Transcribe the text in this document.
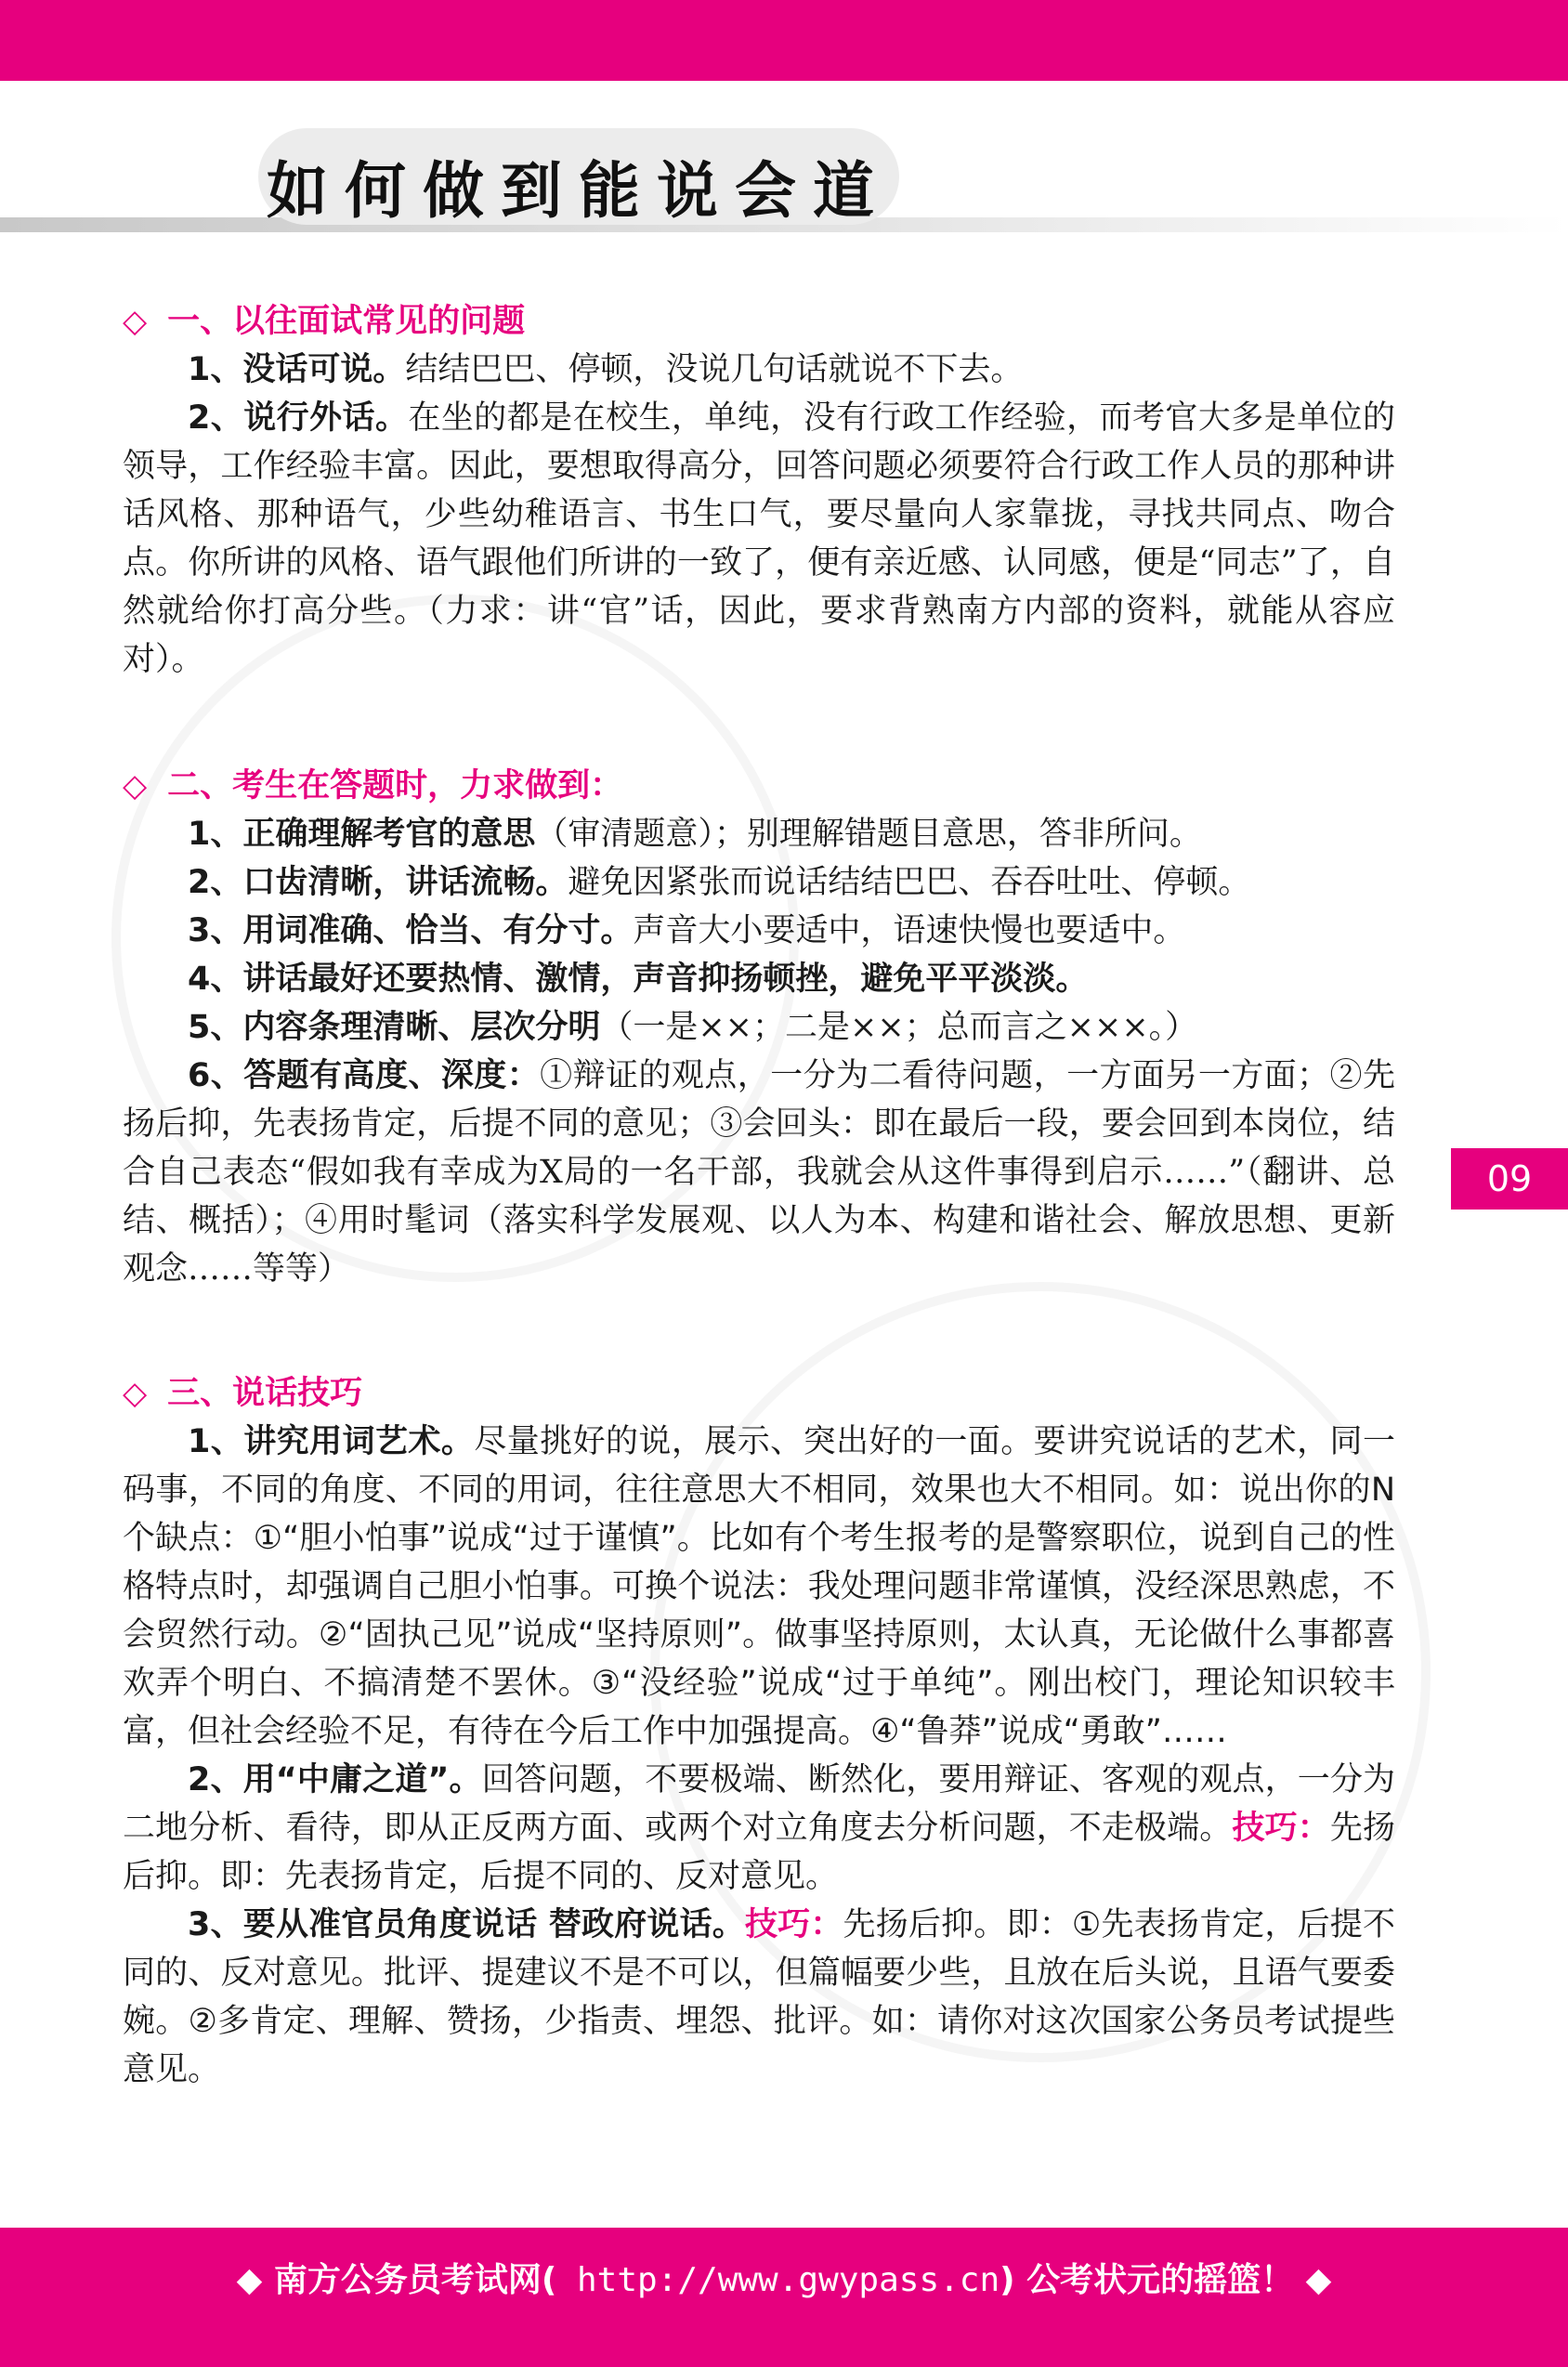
如何做到能说会道
◇ 一、以往面试常见的问题

1、没话可说。结结巴巴、停顿，没说几句话就说不下去。

2、说行外话。在坐的都是在校生，单纯，没有行政工作经验，而考官大多是单位的领导，工作经验丰富。因此，要想取得高分，回答问题必须要符合行政工作人员的那种讲话风格、那种语气，少些幼稚语言、书生口气，要尽量向人家靠拢，寻找共同点、吻合点。你所讲的风格、语气跟他们所讲的一致了，便有亲近感、认同感，便是“同志”了，自然就给你打高分些。（力求：讲“官”话，因此，要求背熟南方内部的资料，就能从容应对）。

◇ 二、考生在答题时，力求做到：

1、正确理解考官的意思（审清题意）；别理解错题目意思，答非所问。

2、口齿清晰，讲话流畅。避免因紧张而说话结结巴巴、吞吞吐吐、停顿。

3、用词准确、恰当、有分寸。声音大小要适中，语速快慢也要适中。

4、讲话最好还要热情、激情，声音抑扬顿挫，避免平平淡淡。

5、内容条理清晰、层次分明（一是××；二是××；总而言之×××。）

6、答题有高度、深度：①辩证的观点，一分为二看待问题，一方面另一方面；②先扬后抑，先表扬肯定，后提不同的意见；③会回头：即在最后一段，要会回到本岗位，结合自己表态“假如我有幸成为X局的一名干部，我就会从这件事得到启示……”（翻讲、总结、概括）；④用时髦词（落实科学发展观、以人为本、构建和谐社会、解放思想、更新观念……等等）

◇ 三、说话技巧

1、讲究用词艺术。尽量挑好的说，展示、突出好的一面。要讲究说话的艺术，同一码事，不同的角度、不同的用词，往往意思大不相同，效果也大不相同。如：说出你的N个缺点：①“胆小怕事”说成“过于谨慎”。比如有个考生报考的是警察职位，说到自己的性格特点时，却强调自己胆小怕事。可换个说法：我处理问题非常谨慎，没经深思熟虑，不会贸然行动。②“固执己见”说成“坚持原则”。做事坚持原则，太认真，无论做什么事都喜欢弄个明白、不搞清楚不罢休。③“没经验”说成“过于单纯”。刚出校门，理论知识较丰富，但社会经验不足，有待在今后工作中加强提高。④“鲁莽”说成“勇敢”……

2、用“中庸之道”。回答问题，不要极端、断然化，要用辩证、客观的观点，一分为二地分析、看待，即从正反两方面、或两个对立角度去分析问题，不走极端。技巧：先扬后抑。即：先表扬肯定，后提不同的、反对意见。

3、要从准官员角度说话 替政府说话。技巧：先扬后抑。即：①先表扬肯定，后提不同的、反对意见。批评、提建议不是不可以，但篇幅要少些，且放在后头说，且语气要委婉。②多肯定、理解、赞扬，少指责、埋怨、批评。如：请你对这次国家公务员考试提些意见。

09
◆ 南方公务员考试网( http://www.gwypass.cn) 公考状元的摇篮！ ◆
